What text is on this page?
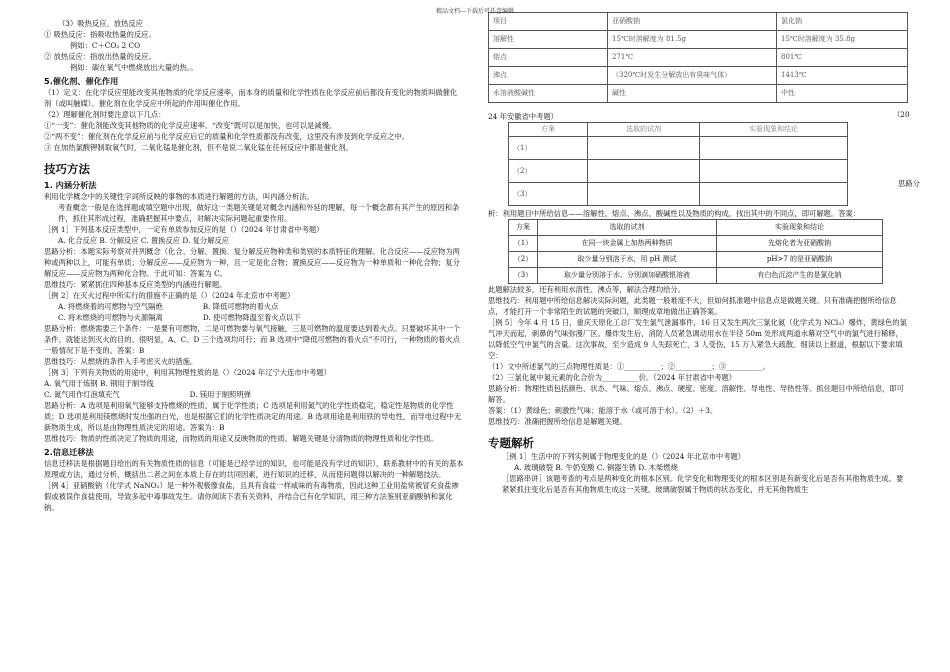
精品文档---下载后可任意编辑

（3）吸热反应、放热反应

① 吸热反应：指吸收热量的反应。

例如：C＋CO₂ 2 CO

② 放热反应：指放出热量的反应。

例如：碳在氧气中燃烧放出大量的热。。

5.催化剂、催化作用

（1）定义：在化学反应里能改变其他物质的化学反应速率，而本身的质量和化学性质在化学反应前后都没有变化的物质叫做催化剂（或叫触媒）。催化剂在化学反应中所起的作用叫催化作用。

（2）理解催化剂时要注意以下几点：

①“一变”：催化剂能改变其他物质的化学反应速率。“改变”既可以是加快，也可以是减慢。

②“两不变”：催化剂在化学反应前与化学反应后它的质量和化学性质都没有改变，这里没有涉及到化学反应之中。

③ 在加热氯酸钾制取氧气时，二氧化锰是催化剂，但不是说二氧化锰在任何反应中都是催化剂。

技巧方法

1. 内涵分析法

利用化学概念中的关键性字词所反映的事物的本质进行解题的方法，叫内涵分析法。

考查概念一般是在选择题或填空题中出现，做好这一类题关键是对概念内涵和外延的理解，每一个概念都有其产生的原因和条件，抓住其形成过程，准确把握其中要点，对解决实际问题起重要作用。

［例 1］下列基本反应类型中，一定有单质参加反应的是（）（2024 年甘肃省中考题）

A. 化合反应 B. 分解反应 C. 置换反应 D. 复分解反应

思路分析：本题实际考察对并列概念（化合、分解、置换、复分解反应物种类和类别的本质特征的理解。化合反应——反应物为两种或两种以上，可能有单质；分解反应——反应物为一种，且一定是化合物；置换反应——反应物为一种单质和一种化合物；复分解反应——反应物为两种化合物。于此可知：答案为 C。

思维技巧：紧紧抓住四种基本反应类型的内涵进行解题。

［例 2］在灭火过程中所实行的措施不正确的是（）（2024 年北京市中考题）

A. 将燃烧着的可燃物与空气隔绝	B. 降低可燃物的着火点

C. 将未燃烧的可燃物与火源隔离	D. 使可燃物降温至着火点以下

思路分析：燃烧需要三个条件：一是要有可燃物，二是可燃物要与氧气接触，三是可燃物的温度要达到着火点。只要破坏其中一个条件，就能达到灭火的目的。很明显，A、C、D 三个选项均可行；而 B 选项中“降低可燃物的着火点”不可行，一种物质的着火点一般情况下是不变的。答案：B

思维技巧：从燃烧的条件入手考虑灭火的措施。

［例 3］下列有关物质的用途中，利用其物理性质的是（）（2024 年辽宁大连市中考题）

A. 氧气用于炼钢 B. 钢用于制导线

C. 氮气用作灯泡填充气	D. 镁用于制照明弹

思路分析：A 选项是利用氧气能够支持燃烧的性质，属于化学性质；C 选项是利用氮气的化学性质稳定，稳定性是物质的化学性质；D 选项是利用镁燃烧时发出强的白光，也是根据它们的化学性质决定的用途。B 选项用途是利用铁的导电性，而导电过程中无新物质生成，所以是由物理性质决定的用途。答案为：B

思维技巧：物质的性质决定了物质的用途，而物质的用途又反映物质的性质。解题关键是分清物质的物理性质和化学性质。

2.信息迁移法

信息迁移法是根据题目给出的有关物质性质的信息（可能是已经学过的知识，也可能是没有学过的知识），联系教材中的有关的基本原理或方法，通过分析，概括出二者之间在本质上存在的共同因素，进行知识的迁移，从而使问题得以解决的一种解题技法。

［例 4］亚硝酸钠（化学式 NaNO₂）是一种外观极像食盐，且具有食盐一样咸味的有毒物质，因此这种工业用盐常被冒充食盐掺假或被误作食盐使用，导致多起中毒事故发生。请你阅读下表有关资料，并结合已有化学知识，用三种方法鉴别亚硝酸钠和氯化钠。

项目	亚硝酸钠	氯化钠
溶解性	15℃时溶解度为 81.5g	15℃时溶解度为 35.8g
熔点	271℃	801℃
沸点	（320℃时发生分解放出有臭味气体）	1413℃
水溶液酸碱性	碱性	中性
（20

24 年安徽省中考题）

方案	选取的试剂	实验现象和结论
（1）		
（2）		
（3）		
思路分

析：利用题目中所给信息——溶解性、熔点、沸点、酸碱性以及物质的构成，找出其中的不同点，即可解题。答案：

方案	选取的试剂	实验现象和结论
（1）	在同一块金属上加热两种物质	先熔化者为亚硝酸钠
（2）	取少量分别溶于水，用 pH 测试	pH>7 的是亚硝酸钠
（3）	取少量分别溶于水，分别滴加硝酸银溶液	有白色沉淀产生的是氯化钠

此题解法较多，还有利用水溶性、沸点等，解法合理均给分。

思维技巧：利用题中所给信息解决实际问题，此类题一般难度不大，但如何抓准题中信息点是做题关键。只有准确把握所给信息点，才能打开一个非常陌生的试题的突破口，顺理成章地做出正确答案。

［例 5］今年 4 月 15 日，重庆天原化工总厂发生氯气泄漏事件，16 日又发生两次三氯化氮（化学式为 NCl₃）爆炸，黄绿色的氯气冲天而起，刺鼻的气味弥漫厂区。爆炸发生后，消防人员紧急调动用水在半径 50m 处形成两道水幕对空气中的氯气进行稀释，以降低空气中氯气的含量。这次事故，至少造成 9 人失踪死亡，3 人受伤，15 万人紧急大疏散。细读以上报道，根据以下要求填空：

（1）文中所述氯气的三点物理性质是：①__________；②__________；③__________。

（2）三氯化氮中氮元素的化合价为__________价。（2024 年甘肃省中考题）

思路分析：物理性质包括颜色、状态、气味、熔点、沸点、硬度、密度、溶解性、导电性、导热性等。抓住题目中所给信息，即可解答。

答案：（1）黄绿色；刺激性气味；能溶于水（或可溶于水）。（2）＋3。

思维技巧：准确把握所给信息是解题关键。

专题解析

［例 1］生活中的下列实例属于物理变化的是（）（2024 年北京市中考题）

A. 玻璃破裂 B. 牛奶变酸 C. 铜器生锈 D. 木柴燃烧

［思路串讲］该题考查的考点是两种变化的根本区别。化学变化和物理变化的根本区别是有新变化后是否有其他物质生成。要紧紧抓住变化后是否有其他物质生成这一关键。玻璃破裂属于物质的状态变化，并无其他物质生
